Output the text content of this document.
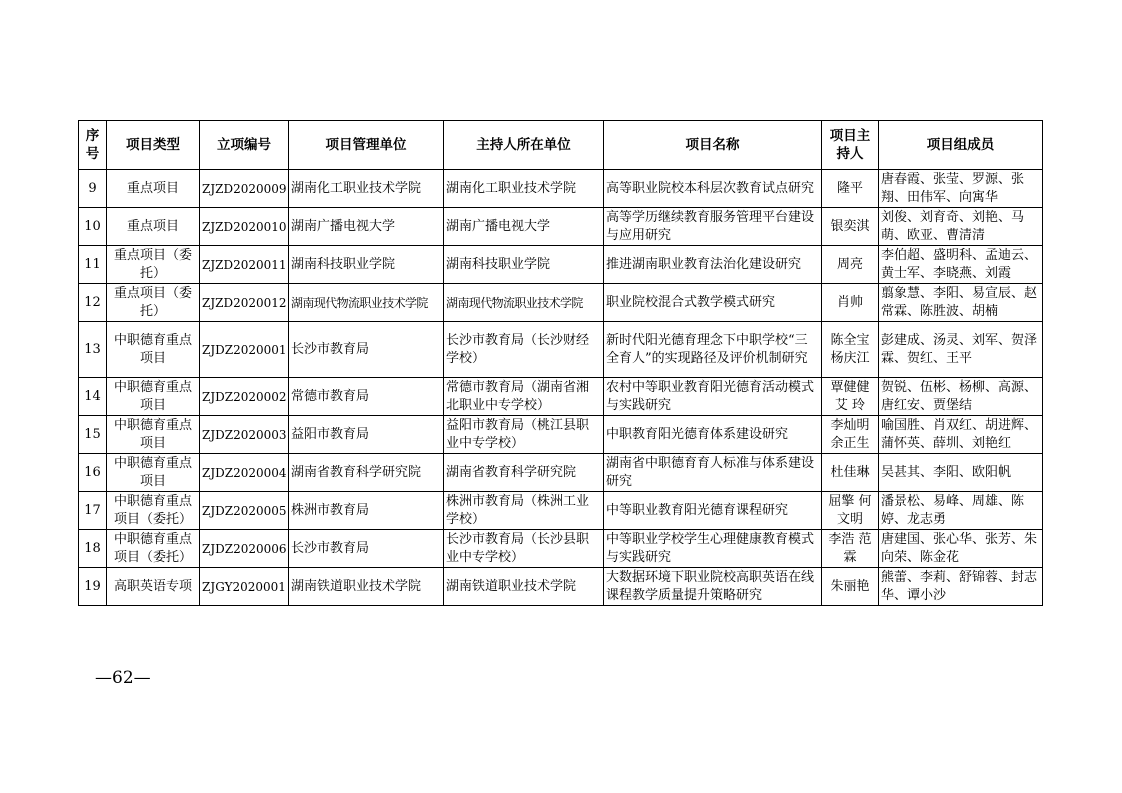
序号	项目类型	立项编号	项目管理单位	主持人所在单位	项目名称	项目主持人	项目组成员
9	重点项目	ZJZD2020009	湖南化工职业技术学院	湖南化工职业技术学院	高等职业院校本科层次教育试点研究	隆平	唐春霞、张莹、罗源、张翔、田伟军、向寓华
10	重点项目	ZJZD2020010	湖南广播电视大学	湖南广播电视大学	高等学历继续教育服务管理平台建设与应用研究	银奕淇	刘俊、刘育奇、刘艳、马萌、欧亚、曹清清
11	重点项目（委托）	ZJZD2020011	湖南科技职业学院	湖南科技职业学院	推进湖南职业教育法治化建设研究	周亮	李伯超、盛明科、孟迪云、黄士军、李晓燕、刘霞
12	重点项目（委托）	ZJZD2020012	湖南现代物流职业技术学院	湖南现代物流职业技术学院	职业院校混合式教学模式研究	肖帅	翦象慧、李阳、易宣辰、赵常霖、陈胜波、胡楠
13	中职德育重点项目	ZJDZ2020001	长沙市教育局	长沙市教育局（长沙财经学校）	新时代阳光德育理念下中职学校“三全育人”的实现路径及评价机制研究	陈全宝 杨庆江	彭建成、汤灵、刘军、贺泽霖、贺红、王平
14	中职德育重点项目	ZJDZ2020002	常德市教育局	常德市教育局（湖南省湘北职业中专学校）	农村中等职业教育阳光德育活动模式与实践研究	覃健健 艾 玲	贺锐、伍彬、杨柳、高源、唐红安、贾堡结
15	中职德育重点项目	ZJDZ2020003	益阳市教育局	益阳市教育局（桃江县职业中专学校）	中职教育阳光德育体系建设研究	李灿明 余正生	喻国胜、肖双红、胡进辉、蒲怀英、薛圳、刘艳红
16	中职德育重点项目	ZJDZ2020004	湖南省教育科学研究院	湖南省教育科学研究院	湖南省中职德育育人标准与体系建设研究	杜佳琳	吴甚其、李阳、欧阳帆
17	中职德育重点项目（委托）	ZJDZ2020005	株洲市教育局	株洲市教育局（株洲工业学校）	中等职业教育阳光德育课程研究	屈擎 何文明	潘景松、易峰、周雄、陈婷、龙志勇
18	中职德育重点项目（委托）	ZJDZ2020006	长沙市教育局	长沙市教育局（长沙县职业中专学校）	中等职业学校学生心理健康教育模式与实践研究	李浩 范霖	唐建国、张心华、张芳、朱向荣、陈金花
19	高职英语专项	ZJGY2020001	湖南铁道职业技术学院	湖南铁道职业技术学院	大数据环境下职业院校高职英语在线课程教学质量提升策略研究	朱丽艳	熊蕾、李莉、舒锦蓉、封志华、谭小沙
—62—
